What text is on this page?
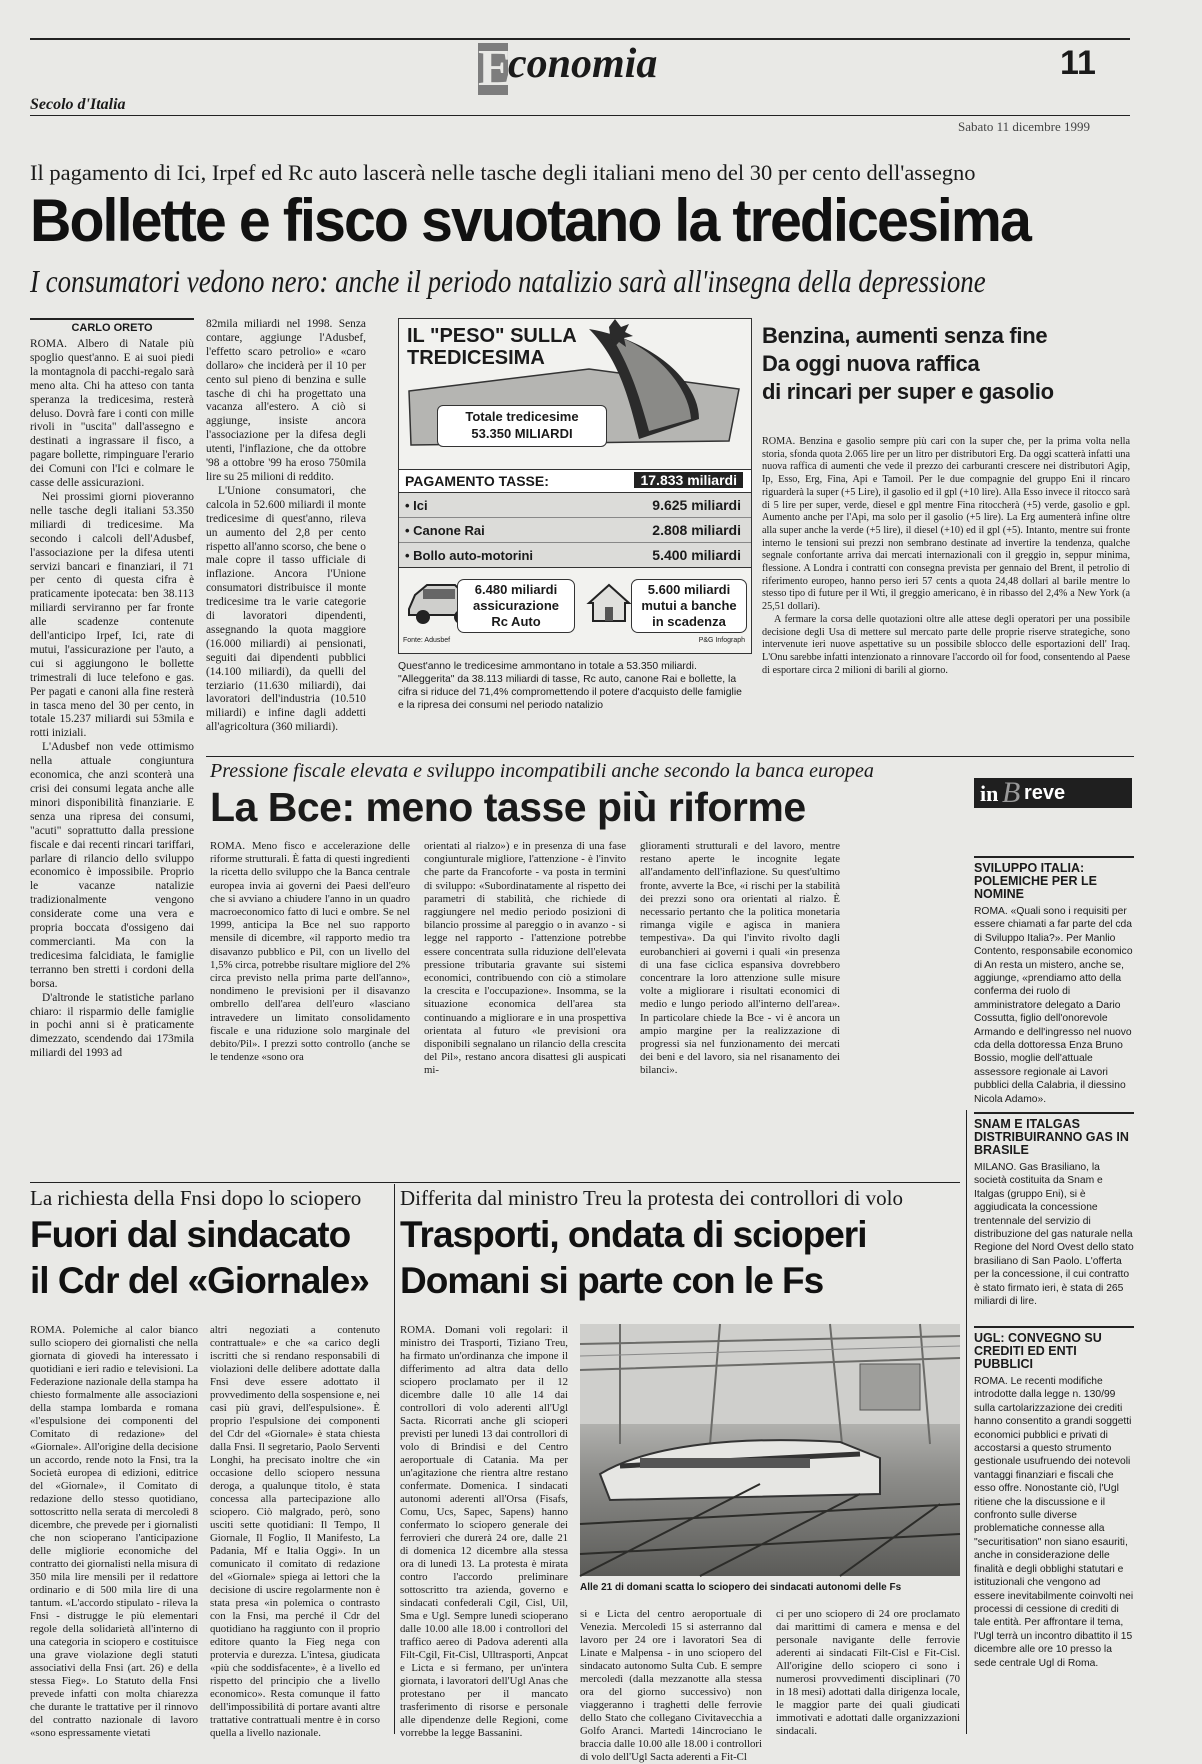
Secolo d'Italia
Economia	11
Sabato 11 dicembre 1999
Il pagamento di Ici, Irpef ed Rc auto lascerà nelle tasche degli italiani meno del 30 per cento dell'assegno
Bollette e fisco svuotano la tredicesima
I consumatori vedono nero: anche il periodo natalizio sarà all'insegna della depressione
CARLO ORETO

ROMA. Albero di Natale più spoglio quest'anno. E ai suoi piedi la montagnola di pacchi-regalo sarà meno alta. Chi ha atteso con tanta speranza la tredicesima, resterà deluso. Dovrà fare i conti con mille rivoli in "uscita" dall'assegno e destinati a ingrassare il fisco, a pagare bollette, rimpinguare l'erario dei Comuni con l'Ici e colmare le casse delle assicurazioni.

Nei prossimi giorni pioveranno nelle tasche degli italiani 53.350 miliardi di tredicesime. Ma secondo i calcoli dell'Adusbef, l'associazione per la difesa utenti servizi bancari e finanziari, il 71 per cento di questa cifra è praticamente ipotecata: ben 38.113 miliardi serviranno per far fronte alle scadenze contenute dell'anticipo Irpef, Ici, rate di mutui, l'assicurazione per l'auto, a cui si aggiungono le bollette trimestrali di luce telefono e gas. Per pagati e canoni alla fine resterà in tasca meno del 30 per cento, in totale 15.237 miliardi sui 53mila e rotti iniziali.

L'Adusbef non vede ottimismo nella attuale congiuntura economica, che anzi sconterà una crisi dei consumi legata anche alle minori disponibilità finanziarie. E senza una ripresa dei consumi, "acuti" soprattutto dalla pressione fiscale e dai recenti rincari tariffari, parlare di rilancio dello sviluppo economico è impossibile. Proprio le vacanze natalizie tradizionalmente vengono considerate come una vera e propria boccata d'ossigeno dai commercianti. Ma con la tredicesima falcidiata, le famiglie terranno ben stretti i cordoni della borsa.

D'altronde le statistiche parlano chiaro: il risparmio delle famiglie in pochi anni si è praticamente dimezzato, scendendo dai 173mila miliardi del 1993 ad

82mila miliardi nel 1998. Senza contare, aggiunge l'Adusbef, l'effetto scaro petrolio» e «caro dollaro» che inciderà per il 10 per cento sul pieno di benzina e sulle tasche di chi ha progettato una vacanza all'estero. A ciò si aggiunge, insiste ancora l'associazione per la difesa degli utenti, l'inflazione, che da ottobre '98 a ottobre '99 ha eroso 750mila lire su 25 milioni di reddito.

L'Unione consumatori, che calcola in 52.600 miliardi il monte tredicesime di quest'anno, rileva un aumento del 2,8 per cento rispetto all'anno scorso, che bene o male copre il tasso ufficiale di inflazione. Ancora l'Unione consumatori distribuisce il monte tredicesime tra le varie categorie di lavoratori dipendenti, assegnando la quota maggiore (16.000 miliardi) ai pensionati, seguiti dai dipendenti pubblici (14.100 miliardi), da quelli del terziario (11.630 miliardi), dai lavoratori dell'industria (10.510 miliardi) e infine dagli addetti all'agricoltura (360 miliardi).

IL "PESO" SULLA
TREDICESIMA
Totale tredicesime
53.350 MILIARDI
PAGAMENTO TASSE:	17.833 miliardi
• Ici	9.625 miliardi
• Canone Rai	2.808 miliardi
• Bollo auto-motorini	5.400 miliardi
6.480 miliardi
assicurazione
Rc Auto
5.600 miliardi
mutui a banche
in scadenza
Fonte: Adusbef	P&G Infograph
Quest'anno le tredicesime ammontano in totale a 53.350 miliardi. "Alleggerita" da 38.113 miliardi di tasse, Rc auto, canone Rai e bollette, la cifra si riduce del 71,4% compromettendo il potere d'acquisto delle famiglie e la ripresa dei consumi nel periodo natalizio
Benzina, aumenti senza fine
Da oggi nuova raffica
di rincari per super e gasolio

ROMA. Benzina e gasolio sempre più cari con la super che, per la prima volta nella storia, sfonda quota 2.065 lire per un litro per distributori Erg. Da oggi scatterà infatti una nuova raffica di aumenti che vede il prezzo dei carburanti crescere nei distributori Agip, Ip, Esso, Erg, Fina, Api e Tamoil. Per le due compagnie del gruppo Eni il rincaro riguarderà la super (+5 Lire), il gasolio ed il gpl (+10 lire). Alla Esso invece il ritocco sarà di 5 lire per super, verde, diesel e gpl mentre Fina ritoccherà (+5) verde, gasolio e gpl. Aumento anche per l'Api, ma solo per il gasolio (+5 lire). La Erg aumenterà infine oltre alla super anche la verde (+5 lire), il diesel (+10) ed il gpl (+5). Intanto, mentre sui fronte interno le tensioni sui prezzi non sembrano destinate ad invertire la tendenza, qualche segnale confortante arriva dai mercati internazionali con il greggio in, seppur minima, flessione. A Londra i contratti con consegna prevista per gennaio del Brent, il petrolio di riferimento europeo, hanno perso ieri 57 cents a quota 24,48 dollari al barile mentre lo stesso tipo di future per il Wti, il greggio americano, è in ribasso del 2,4% a New York (a 25,51 dollari).

A fermare la corsa delle quotazioni oltre alle attese degli operatori per una possibile decisione degli Usa di mettere sul mercato parte delle proprie riserve strategiche, sono intervenute ieri nuove aspettative su un possibile sblocco delle esportazioni dell' Iraq. L'Onu sarebbe infatti intenzionato a rinnovare l'accordo oil for food, consentendo al Paese di esportare circa 2 milioni di barili al giorno.

Pressione fiscale elevata e sviluppo incompatibili anche secondo la banca europea
La Bce: meno tasse più riforme

ROMA. Meno fisco e accelerazione delle riforme strutturali. È fatta di questi ingredienti la ricetta dello sviluppo che la Banca centrale europea invia ai governi dei Paesi dell'euro che si avviano a chiudere l'anno in un quadro macroeconomico fatto di luci e ombre. Se nel 1999, anticipa la Bce nel suo rapporto mensile di dicembre, «il rapporto medio tra disavanzo pubblico e Pil, con un livello del 1,5% circa, potrebbe risultare migliore del 2% circa previsto nella prima parte dell'anno», nondimeno le previsioni per il disavanzo ombrello dell'area dell'euro «lasciano intravedere un limitato consolidamento fiscale e una riduzione solo marginale del debito/Pil». I prezzi sotto controllo (anche se le tendenze «sono ora

orientati al rialzo») e in presenza di una fase congiunturale migliore, l'attenzione - è l'invito che parte da Francoforte - va posta in termini di sviluppo: «Subordinatamente al rispetto dei parametri di stabilità, che richiede di raggiungere nel medio periodo posizioni di bilancio prossime al pareggio o in avanzo - si legge nel rapporto - l'attenzione potrebbe essere concentrata sulla riduzione dell'elevata pressione tributaria gravante sui sistemi economici, contribuendo con ciò a stimolare la crescita e l'occupazione». Insomma, se la situazione economica dell'area sta continuando a migliorare e in una prospettiva orientata al futuro «le previsioni ora disponibili segnalano un rilancio della crescita del Pil», restano ancora disattesi gli auspicati mi-

glioramenti strutturali e del lavoro, mentre restano aperte le incognite legate all'andamento dell'inflazione. Su quest'ultimo fronte, avverte la Bce, «i rischi per la stabilità dei prezzi sono ora orientati al rialzo. È necessario pertanto che la politica monetaria rimanga vigile e agisca in maniera tempestiva». Da qui l'invito rivolto dagli eurobanchieri ai governi i quali «in presenza di una fase ciclica espansiva dovrebbero concentrare la loro attenzione sulle misure volte a migliorare i risultati economici di medio e lungo periodo all'interno dell'area». In particolare chiede la Bce - vi è ancora un ampio margine per la realizzazione di progressi sia nel funzionamento dei mercati dei beni e del lavoro, sia nel risanamento dei bilanci».

in B reve

SVILUPPO ITALIA: POLEMICHE PER LE NOMINE

ROMA. «Quali sono i requisiti per essere chiamati a far parte del cda di Sviluppo Italia?». Per Manlio Contento, responsabile economico di An resta un mistero, anche se, aggiunge, «prendiamo atto della conferma dei ruolo di amministratore delegato a Dario Cossutta, figlio dell'onorevole Armando e dell'ingresso nel nuovo cda della dottoressa Enza Bruno Bossio, moglie dell'attuale assessore regionale ai Lavori pubblici della Calabria, il diessino Nicola Adamo».

SNAM E ITALGAS DISTRIBUIRANNO GAS IN BRASILE

MILANO. Gas Brasiliano, la società costituita da Snam e Italgas (gruppo Eni), si è aggiudicata la concessione trentennale del servizio di distribuzione del gas naturale nella Regione del Nord Ovest dello stato brasiliano di San Paolo. L'offerta per la concessione, il cui contratto è stato firmato ieri, è stata di 265 miliardi di lire.

UGL: CONVEGNO SU CREDITI ED ENTI PUBBLICI

ROMA. Le recenti modifiche introdotte dalla legge n. 130/99 sulla cartolarizzazione dei crediti hanno consentito a grandi soggetti economici pubblici e privati di accostarsi a questo strumento gestionale usufruendo dei notevoli vantaggi finanziari e fiscali che esso offre. Nonostante ciò, l'Ugl ritiene che la discussione e il confronto sulle diverse problematiche connesse alla "securitisation" non siano esauriti, anche in considerazione delle finalità e degli obblighi statutari e istituzionali che vengono ad essere inevitabilmente coinvolti nei processi di cessione di crediti di tale entità. Per affrontare il tema, l'Ugl terrà un incontro dibattito il 15 dicembre alle ore 10 presso la sede centrale Ugl di Roma.

La richiesta della Fnsi dopo lo sciopero
Fuori dal sindacato
il Cdr del «Giornale»

ROMA. Polemiche al calor bianco sullo sciopero dei giornalisti che nella giornata di giovedì ha interessato i quotidiani e ieri radio e televisioni. La Federazione nazionale della stampa ha chiesto formalmente alle associazioni della stampa lombarda e romana «l'espulsione dei componenti del Comitato di redazione» del «Giornale». All'origine della decisione un accordo, rende noto la Fnsi, tra la Società europea di edizioni, editrice del «Giornale», il Comitato di redazione dello stesso quotidiano, sottoscritto nella serata di mercoledì 8 dicembre, che prevede per i giornalisti che non scioperano l'anticipazione delle migliorie economiche del contratto dei giornalisti nella misura di 350 mila lire mensili per il redattore ordinario e di 500 mila lire di una tantum. «L'accordo stipulato - rileva la Fnsi - distrugge le più elementari regole della solidarietà all'interno di una categoria in sciopero e costituisce una grave violazione degli statuti associativi della Fnsi (art. 26) e della stessa Fieg». Lo Statuto della Fnsi prevede infatti con molta chiarezza che durante le trattative per il rinnovo del contratto nazionale di lavoro «sono espressamente vietati

altri negoziati a contenuto contrattuale» e che «a carico degli iscritti che si rendano responsabili di violazioni delle delibere adottate dalla Fnsi deve essere adottato il provvedimento della sospensione e, nei casi più gravi, dell'espulsione». È proprio l'espulsione dei componenti del Cdr del «Giornale» è stata chiesta dalla Fnsi. Il segretario, Paolo Serventi Longhi, ha precisato inoltre che «in occasione dello sciopero nessuna deroga, a qualunque titolo, è stata concessa alla partecipazione allo sciopero. Ciò malgrado, però, sono usciti sette quotidiani: Il Tempo, Il Giornale, Il Foglio, Il Manifesto, La Padania, Mf e Italia Oggi». In un comunicato il comitato di redazione del «Giornale» spiega ai lettori che la decisione di uscire regolarmente non è stata presa «in polemica o contrasto con la Fnsi, ma perché il Cdr del quotidiano ha raggiunto con il proprio editore quanto la Fieg nega con protervia e durezza. L'intesa, giudicata «più che soddisfacente», è a livello ed rispetto del principio che a livello economico». Resta comunque il fatto dell'impossibilità di portare avanti altre trattative contrattuali mentre è in corso quella a livello nazionale.

Differita dal ministro Treu la protesta dei controllori di volo
Trasporti, ondata di scioperi
Domani si parte con le Fs

ROMA. Domani voli regolari: il ministro dei Trasporti, Tiziano Treu, ha firmato un'ordinanza che impone il differimento ad altra data dello sciopero proclamato per il 12 dicembre dalle 10 alle 14 dai controllori di volo aderenti all'Ugl Sacta. Ricorrati anche gli scioperi previsti per lunedì 13 dai controllori di volo di Brindisi e del Centro aeroportuale di Catania. Ma per un'agitazione che rientra altre restano confermate. Domenica. I sindacati autonomi aderenti all'Orsa (Fisafs, Comu, Ucs, Sapec, Sapens) hanno confermato lo sciopero generale dei ferrovieri che durerà 24 ore, dalle 21 di domenica 12 dicembre alla stessa ora di lunedì 13. La protesta è mirata contro l'accordo preliminare sottoscritto tra azienda, governo e sindacati confederali Cgil, Cisl, Uil, Sma e Ugl. Sempre lunedì scioperano dalle 10.00 alle 18.00 i controllori del traffico aereo di Padova aderenti alla Filt-Cgil, Fit-Cisl, Ulltrasporti, Anpcat e Licta e si fermano, per un'intera giornata, i lavoratori dell'Ugl Anas che protestano per il mancato trasferimento di risorse e personale alle dipendenze delle Regioni, come vorrebbe la legge Bassanini.

Alle 21 di domani scatta lo sciopero dei sindacati autonomi delle Fs

si e Licta del centro aeroportuale di Venezia. Mercoledì 15 si asterranno dal lavoro per 24 ore i lavoratori Sea di Linate e Malpensa - in uno sciopero del sindacato autonomo Sulta Cub. E sempre mercoledì (dalla mezzanotte alla stessa ora del giorno successivo) non viaggeranno i traghetti delle ferrovie dello Stato che collegano Civitavecchia a Golfo Aranci. Martedì 14incrociano le braccia dalle 10.00 alle 18.00 i controllori di volo dell'Ugl Sacta aderenti a Fit-Cl

ci per uno sciopero di 24 ore proclamato dai marittimi di camera e mensa e del personale navigante delle ferrovie aderenti ai sindacati Filt-Cisl e Fit-Cisl. All'origine dello sciopero ci sono i numerosi provvedimenti disciplinari (70 in 18 mesi) adottati dalla dirigenza locale, le maggior parte dei quali giudicati immotivati e adottati dalle organizzazioni sindacali.
